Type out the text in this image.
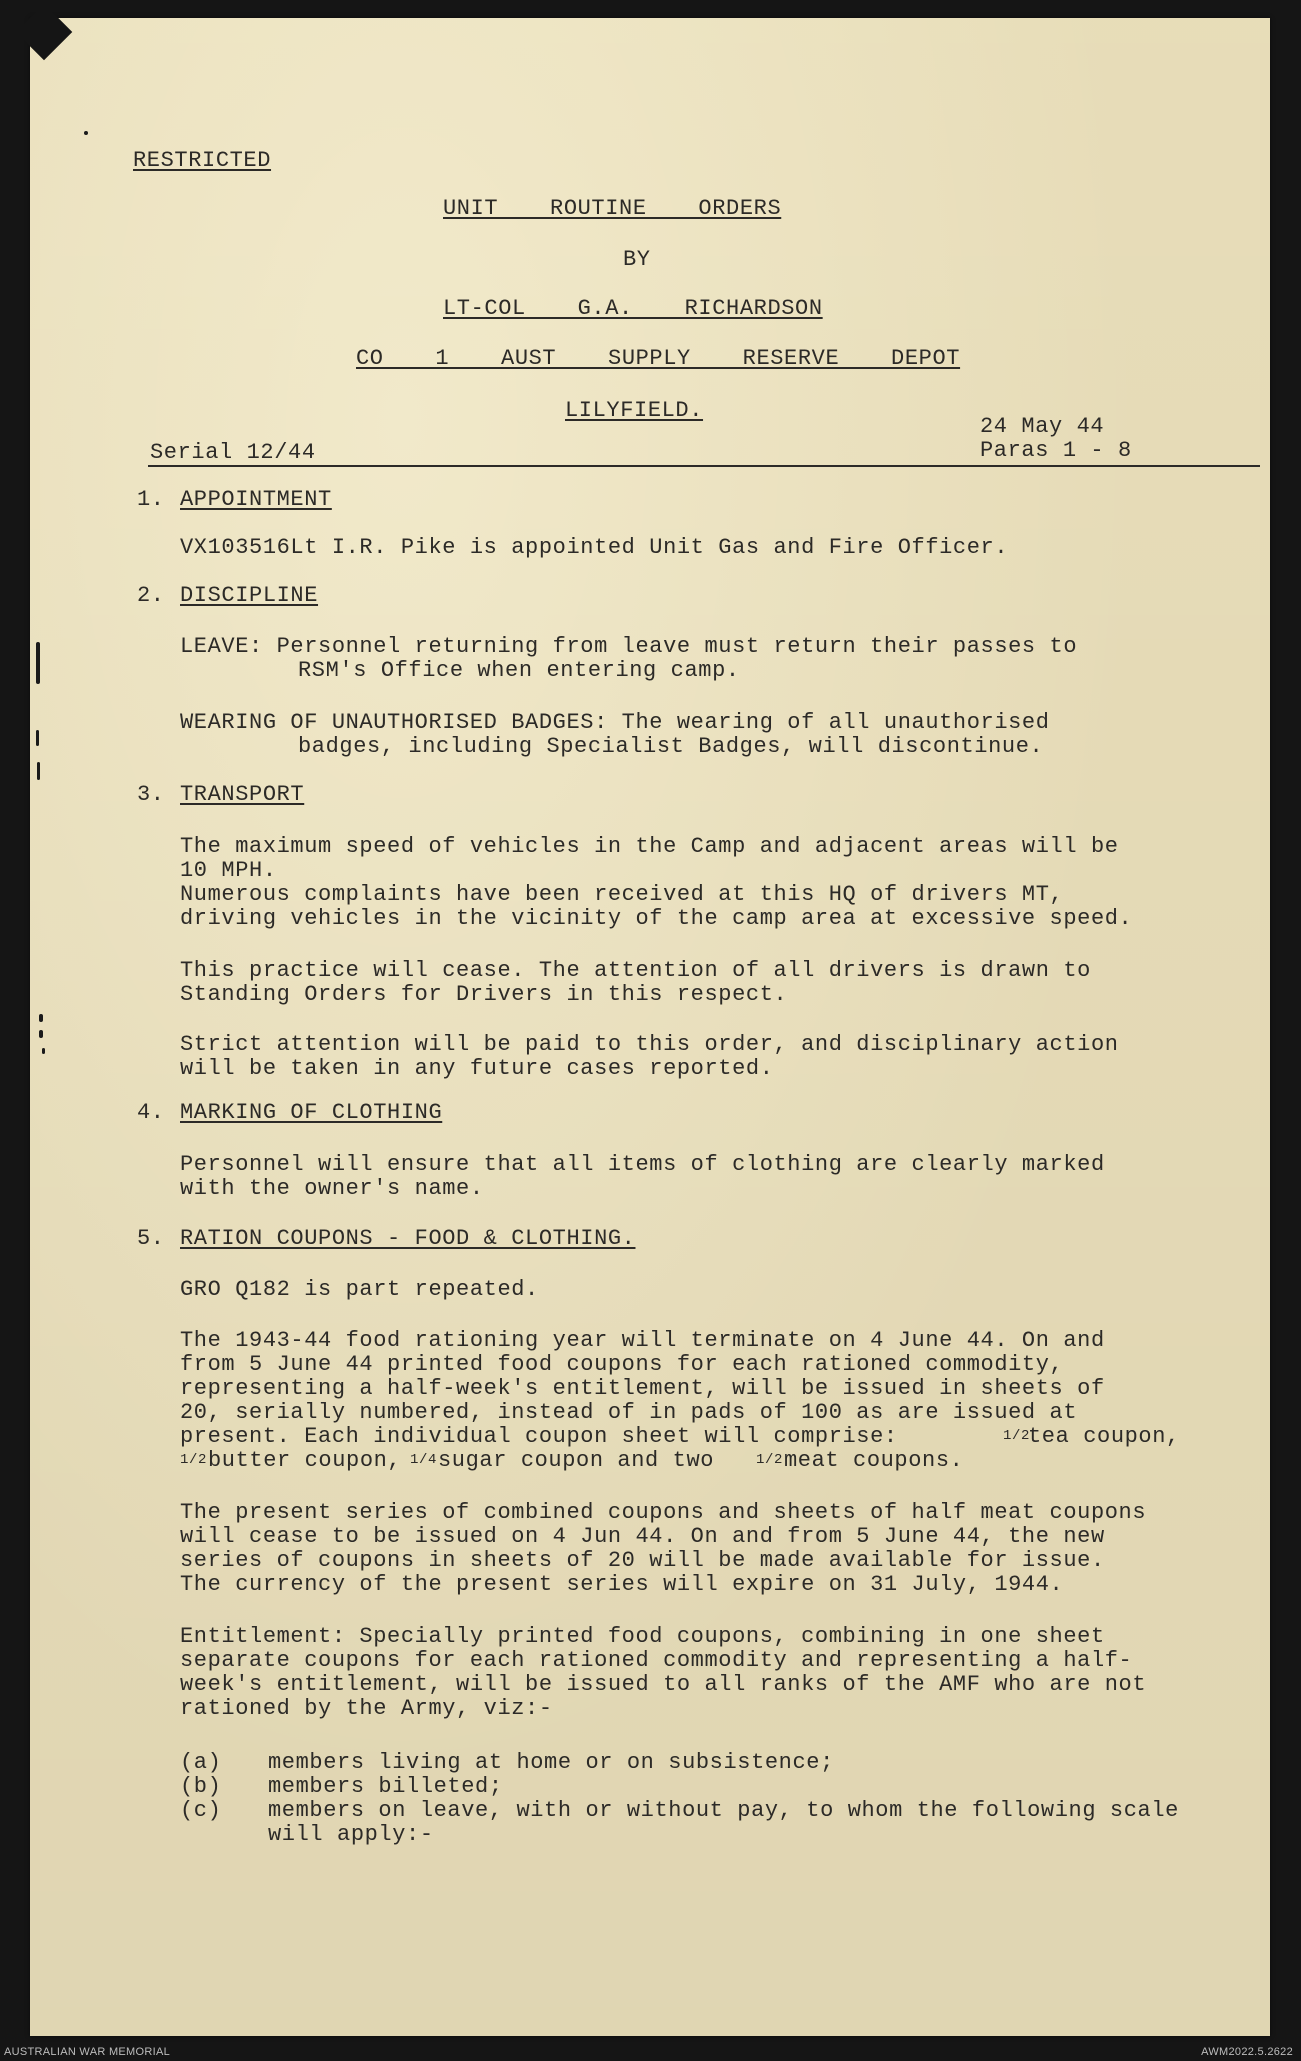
RESTRICTED
UNIT ROUTINE ORDERS
BY
LT-COL G.A. RICHARDSON
CO 1 AUST SUPPLY RESERVE DEPOT
LILYFIELD.
24 May 44
Serial 12/44	Paras 1 - 8
1. APPOINTMENT
VX103516Lt I.R. Pike is appointed Unit Gas and Fire Officer.
2. DISCIPLINE
LEAVE: Personnel returning from leave must return their passes to
RSM's Office when entering camp.
WEARING OF UNAUTHORISED BADGES: The wearing of all unauthorised
badges, including Specialist Badges, will discontinue.
3. TRANSPORT
The maximum speed of vehicles in the Camp and adjacent areas will be
10 MPH.
Numerous complaints have been received at this HQ of drivers MT,
driving vehicles in the vicinity of the camp area at excessive speed.
This practice will cease. The attention of all drivers is drawn to
Standing Orders for Drivers in this respect.
Strict attention will be paid to this order, and disciplinary action
will be taken in any future cases reported.
4. MARKING OF CLOTHING
Personnel will ensure that all items of clothing are clearly marked
with the owner's name.
5. RATION COUPONS - FOOD & CLOTHING.
GRO Q182 is part repeated.
The 1943-44 food rationing year will terminate on 4 June 44. On and
from 5 June 44 printed food coupons for each rationed commodity,
representing a half-week's entitlement, will be issued in sheets of
20, serially numbered, instead of in pads of 100 as are issued at
present. Each individual coupon sheet will comprise:	1/2
tea coupon,
1/2 butter coupon, 1/4 sugar coupon and two	1/2 meat coupons.
The present series of combined coupons and sheets of half meat coupons
will cease to be issued on 4 Jun 44. On and from 5 June 44, the new
series of coupons in sheets of 20 will be made available for issue.
The currency of the present series will expire on 31 July, 1944.
Entitlement: Specially printed food coupons, combining in one sheet
separate coupons for each rationed commodity and representing a half-
week's entitlement, will be issued to all ranks of the AMF who are not
rationed by the Army, viz:-
(a) members living at home or on subsistence;
(b) members billeted;
(c) members on leave, with or without pay, to whom the following scale
will apply:-
AUSTRALIAN WAR MEMORIAL	AWM2022.5.2622
